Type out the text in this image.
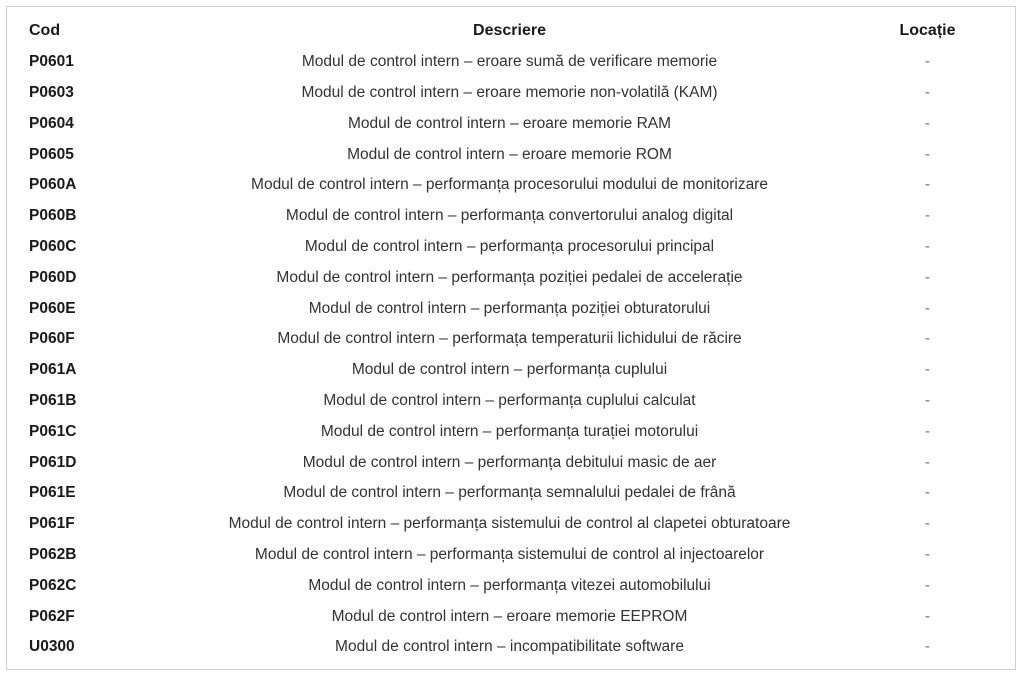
Cod	Descriere	Locație
P0601	Modul de control intern – eroare sumă de verificare memorie	-
P0603	Modul de control intern – eroare memorie non-volatilă (KAM)	-
P0604	Modul de control intern – eroare memorie RAM	-
P0605	Modul de control intern – eroare memorie ROM	-
P060A	Modul de control intern – performanța procesorului modului de monitorizare	-
P060B	Modul de control intern – performanța convertorului analog digital	-
P060C	Modul de control intern – performanța procesorului principal	-
P060D	Modul de control intern – performanța poziției pedalei de accelerație	-
P060E	Modul de control intern – performanța poziției obturatorului	-
P060F	Modul de control intern – performața temperaturii lichidului de răcire	-
P061A	Modul de control intern – performanța cuplului	-
P061B	Modul de control intern – performanța cuplului calculat	-
P061C	Modul de control intern – performanța turației motorului	-
P061D	Modul de control intern – performanța debitului masic de aer	-
P061E	Modul de control intern – performanța semnalului pedalei de frână	-
P061F	Modul de control intern – performanța sistemului de control al clapetei obturatoare	-
P062B	Modul de control intern – performanța sistemului de control al injectoarelor	-
P062C	Modul de control intern – performanța vitezei automobilului	-
P062F	Modul de control intern – eroare memorie EEPROM	-
U0300	Modul de control intern – incompatibilitate software	-
